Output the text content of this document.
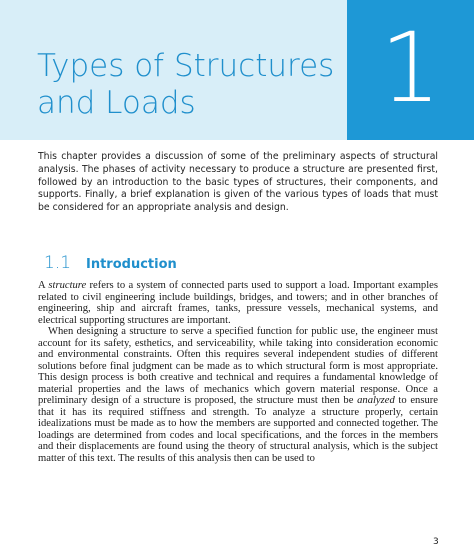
Types of Structures
and Loads	1

This chapter provides a discussion of some of the preliminary aspects of structural analysis. The phases of activity necessary to produce a structure are presented first, followed by an introduction to the basic types of structures, their components, and supports. Finally, a brief explanation is given of the various types of loads that must be considered for an appropriate analysis and design.

1.1	Introduction

A structure refers to a system of connected parts used to support a load. Important examples related to civil engineering include buildings, bridges, and towers; and in other branches of engineering, ship and aircraft frames, tanks, pressure vessels, mechanical systems, and electrical supporting structures are important.

When designing a structure to serve a specified function for public use, the engineer must account for its safety, esthetics, and serviceability, while taking into consideration economic and environmental constraints. Often this requires several independent studies of different solutions before final judgment can be made as to which structural form is most appropriate. This design process is both creative and technical and requires a fundamental knowledge of material properties and the laws of mechanics which govern material response. Once a preliminary design of a structure is proposed, the structure must then be analyzed to ensure that it has its required stiffness and strength. To analyze a structure properly, certain idealizations must be made as to how the members are supported and connected together. The loadings are determined from codes and local specifications, and the forces in the members and their displacements are found using the theory of structural analysis, which is the subject matter of this text. The results of this analysis then can be used to

3
